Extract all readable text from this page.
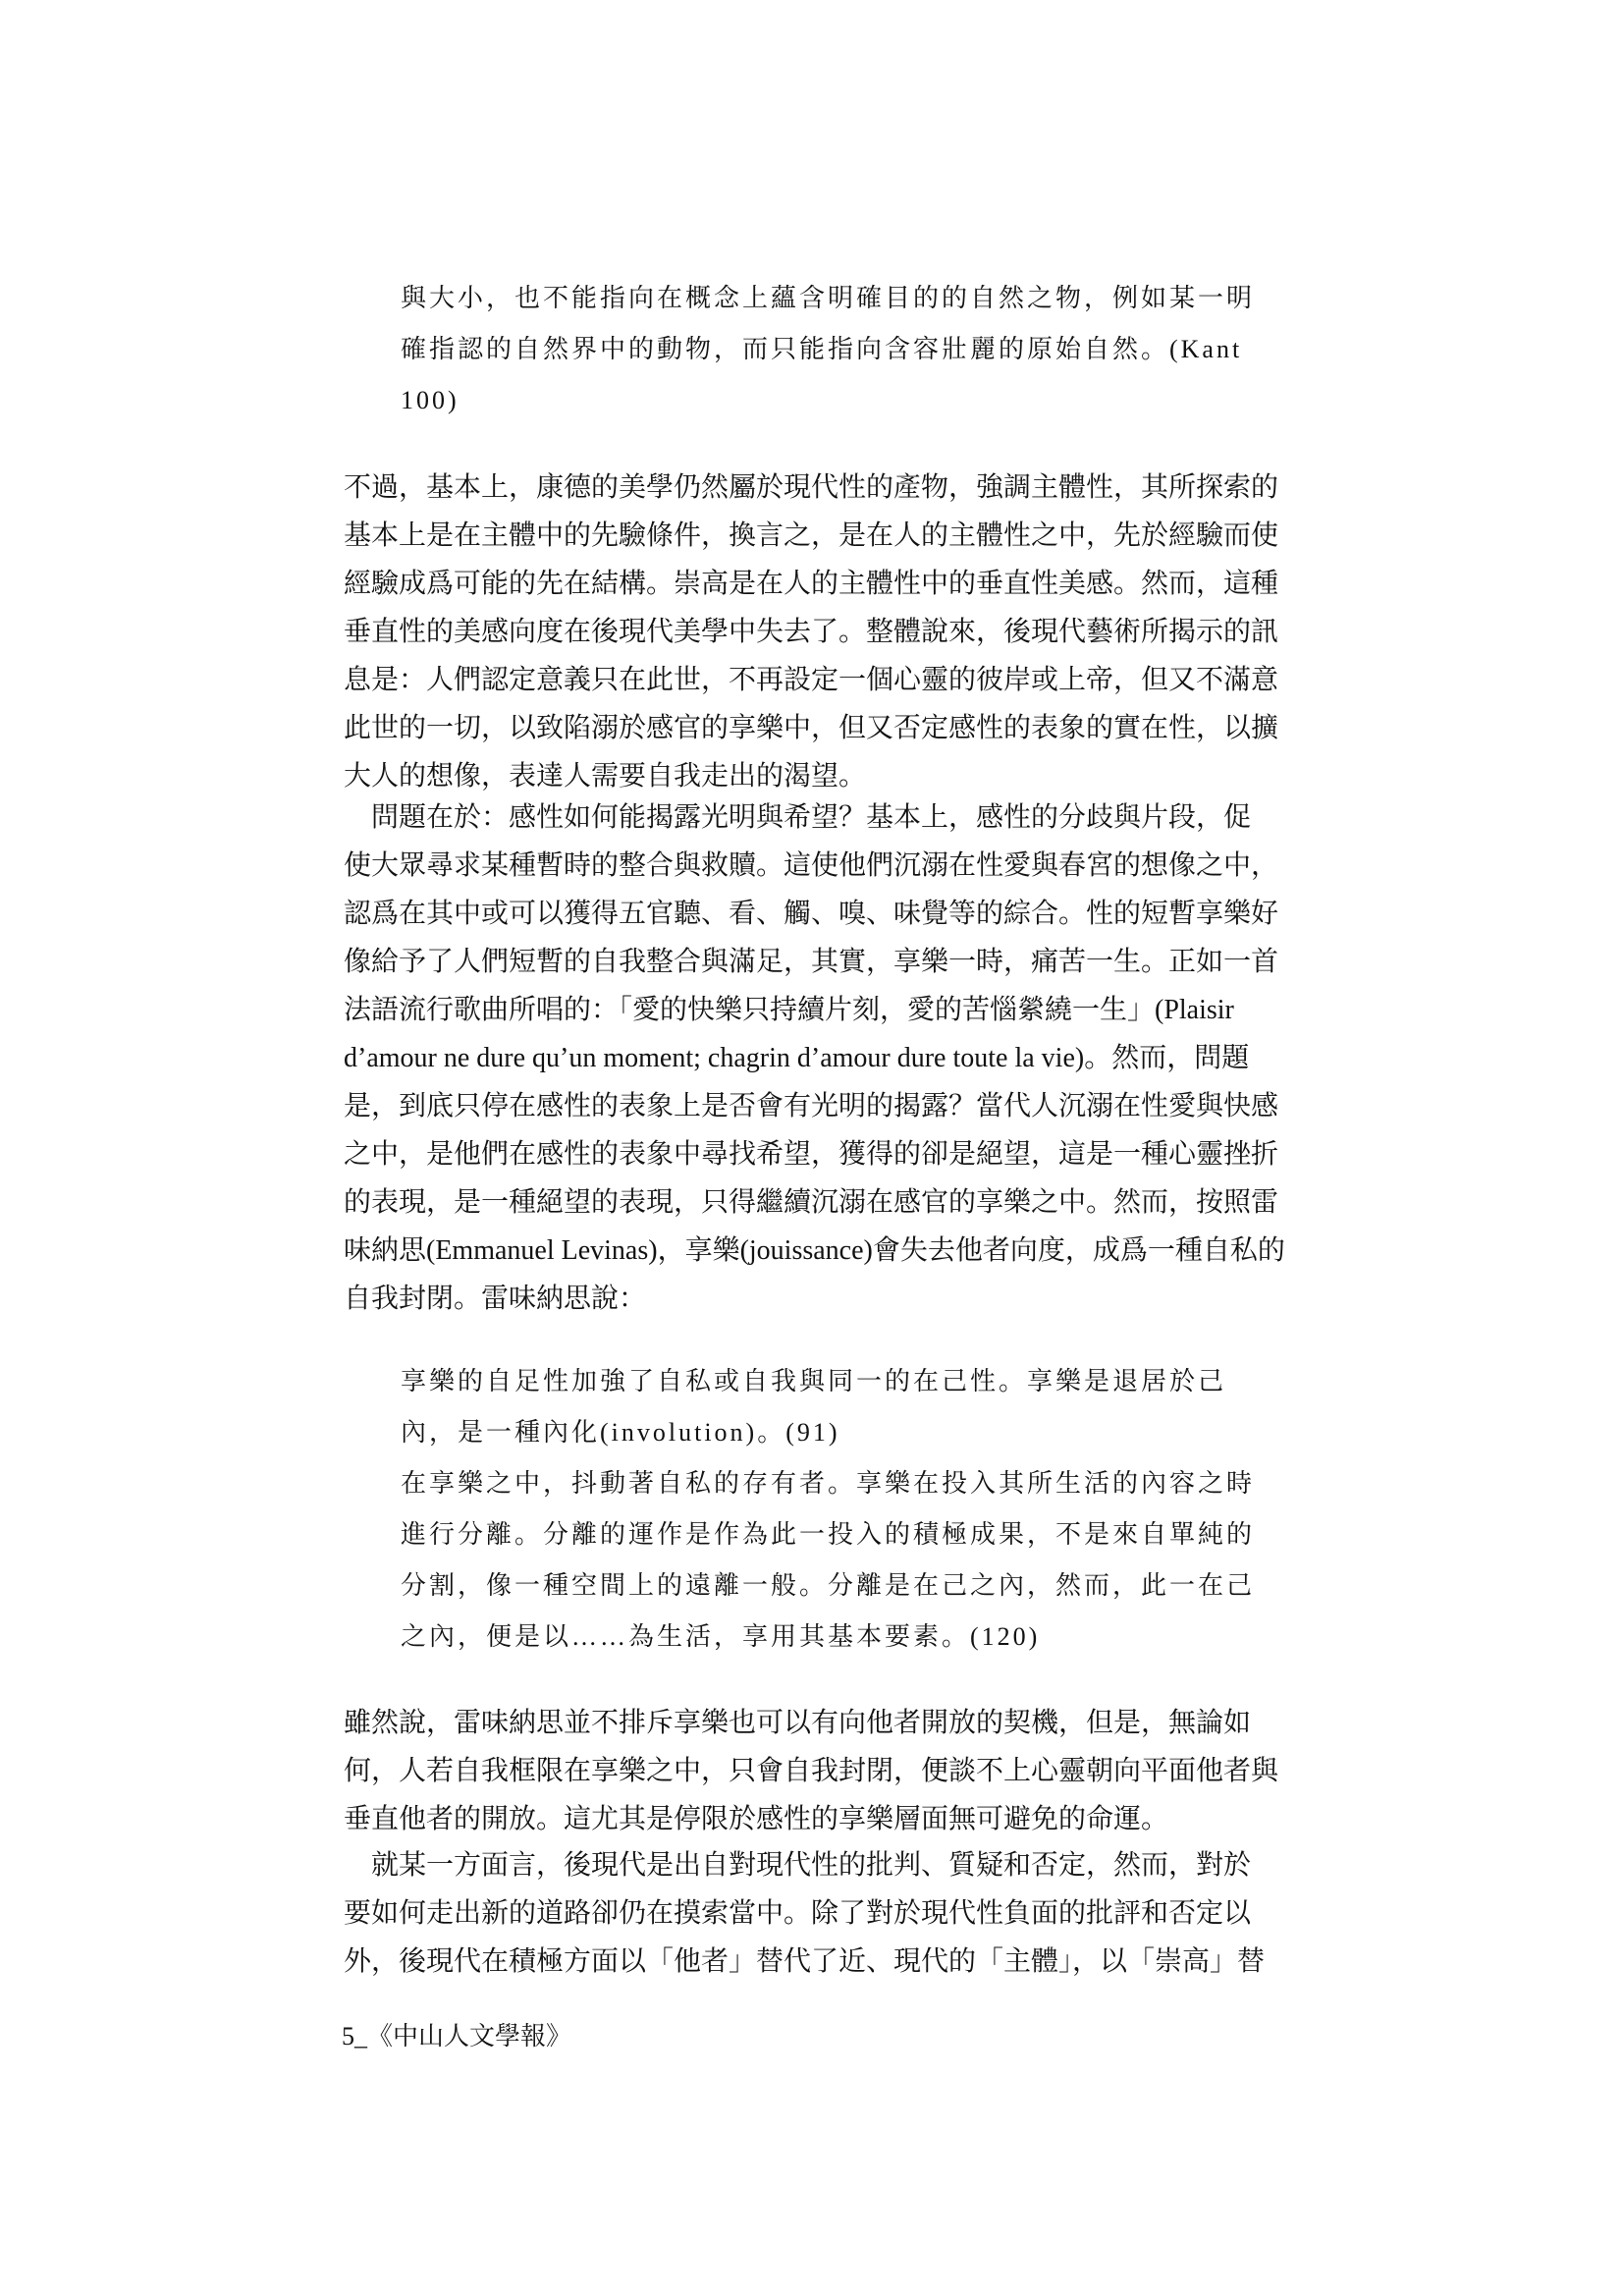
與大小，也不能指向在概念上蘊含明確目的的自然之物，例如某一明
確指認的自然界中的動物，而只能指向含容壯麗的原始自然。(Kant
100)
不過，基本上，康德的美學仍然屬於現代性的產物，強調主體性，其所探索的
基本上是在主體中的先驗條件，換言之，是在人的主體性之中，先於經驗而使
經驗成爲可能的先在結構。崇高是在人的主體性中的垂直性美感。然而，這種
垂直性的美感向度在後現代美學中失去了。整體說來，後現代藝術所揭示的訊
息是：人們認定意義只在此世，不再設定一個心靈的彼岸或上帝，但又不滿意
此世的一切，以致陷溺於感官的享樂中，但又否定感性的表象的實在性，以擴
大人的想像，表達人需要自我走出的渴望。
　問題在於：感性如何能揭露光明與希望？基本上，感性的分歧與片段，促
使大眾尋求某種暫時的整合與救贖。這使他們沉溺在性愛與春宮的想像之中，
認爲在其中或可以獲得五官聽、看、觸、嗅、味覺等的綜合。性的短暫享樂好
像給予了人們短暫的自我整合與滿足，其實，享樂一時，痛苦一生。正如一首
法語流行歌曲所唱的：「愛的快樂只持續片刻，愛的苦惱縈繞一生」(Plaisir
d’amour ne dure qu’un moment; chagrin d’amour dure toute la vie)。然而，問題
是，到底只停在感性的表象上是否會有光明的揭露？當代人沉溺在性愛與快感
之中，是他們在感性的表象中尋找希望，獲得的卻是絕望，這是一種心靈挫折
的表現，是一種絕望的表現，只得繼續沉溺在感官的享樂之中。然而，按照雷
味納思(Emmanuel Levinas)，享樂(jouissance)會失去他者向度，成爲一種自私的
自我封閉。雷味納思說：
享樂的自足性加強了自私或自我與同一的在己性。享樂是退居於己
內，是一種內化(involution)。(91)
在享樂之中，抖動著自私的存有者。享樂在投入其所生活的內容之時
進行分離。分離的運作是作為此一投入的積極成果，不是來自單純的
分割，像一種空間上的遠離一般。分離是在己之內，然而，此一在己
之內，便是以……為生活，享用其基本要素。(120)
雖然說，雷味納思並不排斥享樂也可以有向他者開放的契機，但是，無論如
何，人若自我框限在享樂之中，只會自我封閉，便談不上心靈朝向平面他者與
垂直他者的開放。這尤其是停限於感性的享樂層面無可避免的命運。
　就某一方面言，後現代是出自對現代性的批判、質疑和否定，然而，對於
要如何走出新的道路卻仍在摸索當中。除了對於現代性負面的批評和否定以
外，後現代在積極方面以「他者」替代了近、現代的「主體」，以「崇高」替
5_《中山人文學報》
